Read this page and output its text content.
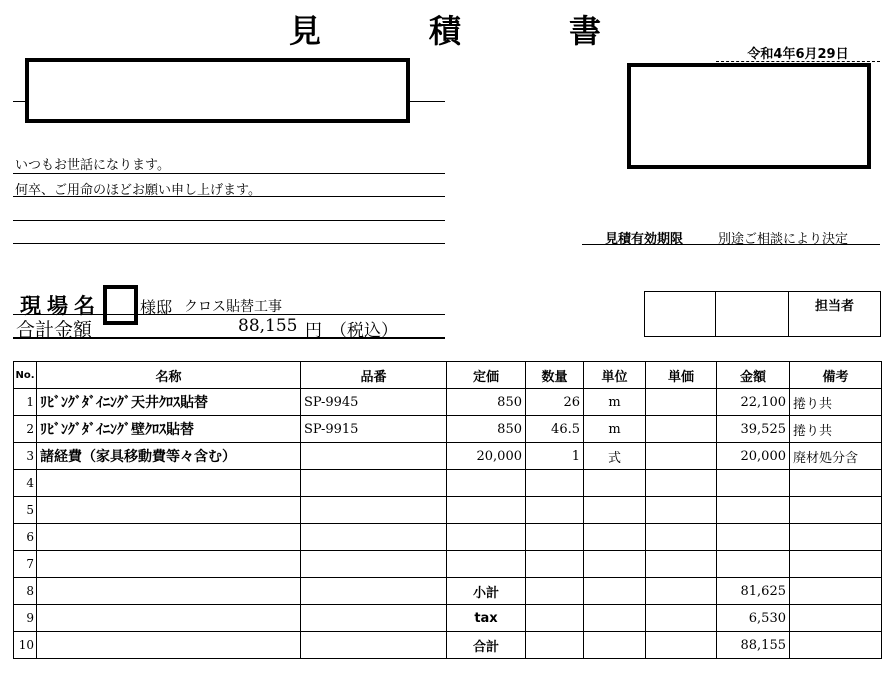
見　積　書
令和4年6月29日
いつもお世話になります。
何卒、ご用命のほどお願い申し上げます。
見積有効期限	別途ご相談により決定
現場名 様邸 クロス貼替工事
合計金額	88,155 円 （税込）
担当者
No.	名称	品番	定価	数量	単位	単価	金額	備考
1	ﾘﾋﾞﾝｸﾞﾀﾞｲﾆﾝｸﾞ天井ｸﾛｽ貼替	SP-9945	850	26	m		22,100	捲り共
2	ﾘﾋﾞﾝｸﾞﾀﾞｲﾆﾝｸﾞ壁ｸﾛｽ貼替	SP-9915	850	46.5	m		39,525	捲り共
3	諸経費（家具移動費等々含む）		20,000	1	式		20,000	廃材処分含
4								
5								
6								
7								
8			小計				81,625	
9			tax				6,530	
10			合計				88,155	
